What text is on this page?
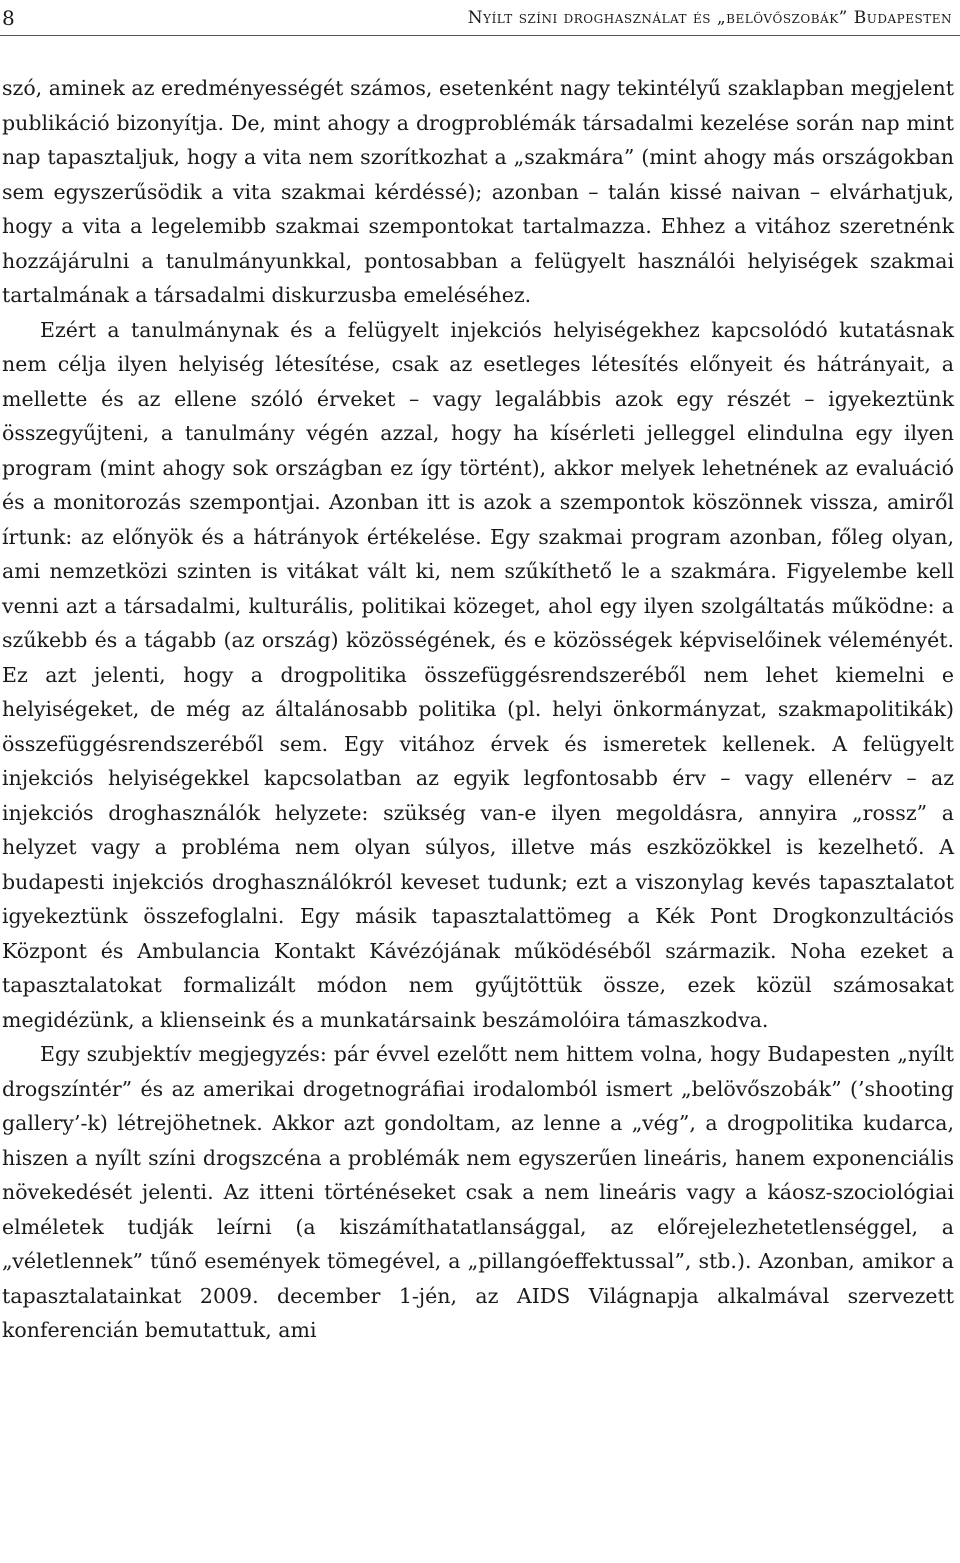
8	Nyílt színi droghasználat és „belövőszobák” Budapesten

szó, aminek az eredményességét számos, esetenként nagy tekintélyű szaklapban megjelent publikáció bizonyítja. De, mint ahogy a drogproblémák társadalmi kezelése során nap mint nap tapasztaljuk, hogy a vita nem szorítkozhat a „szakmára” (mint ahogy más országokban sem egyszerűsödik a vita szakmai kérdéssé); azonban – talán kissé naivan – elvárhatjuk, hogy a vita a legelemibb szakmai szempontokat tartalmazza. Ehhez a vitához szeretnénk hozzájárulni a tanulmányunkkal, pontosabban a felügyelt használói helyiségek szakmai tartalmának a társadalmi diskurzusba emeléséhez.

Ezért a tanulmánynak és a felügyelt injekciós helyiségekhez kapcsolódó kutatásnak nem célja ilyen helyiség létesítése, csak az esetleges létesítés előnyeit és hátrányait, a mellette és az ellene szóló érveket – vagy legalábbis azok egy részét – igyekeztünk összegyűjteni, a tanulmány végén azzal, hogy ha kísérleti jelleggel elindulna egy ilyen program (mint ahogy sok országban ez így történt), akkor melyek lehetnének az evaluáció és a monitorozás szempontjai. Azonban itt is azok a szempontok köszönnek vissza, amiről írtunk: az előnyök és a hátrányok értékelése. Egy szakmai program azonban, főleg olyan, ami nemzetközi szinten is vitákat vált ki, nem szűkíthető le a szakmára. Figyelembe kell venni azt a társadalmi, kulturális, politikai közeget, ahol egy ilyen szolgáltatás működne: a szűkebb és a tágabb (az ország) közösségének, és e közösségek képviselőinek véleményét. Ez azt jelenti, hogy a drogpolitika összefüggésrendszeréből nem lehet kiemelni e helyiségeket, de még az általánosabb politika (pl. helyi önkormányzat, szakmapolitikák) összefüggésrendszeréből sem. Egy vitához érvek és ismeretek kellenek. A felügyelt injekciós helyiségekkel kapcsolatban az egyik legfontosabb érv – vagy ellenérv – az injekciós droghasználók helyzete: szükség van-e ilyen megoldásra, annyira „rossz” a helyzet vagy a probléma nem olyan súlyos, illetve más eszközökkel is kezelhető. A budapesti injekciós droghasználókról keveset tudunk; ezt a viszonylag kevés tapasztalatot igyekeztünk összefoglalni. Egy másik tapasztalattömeg a Kék Pont Drogkonzultációs Központ és Ambulancia Kontakt Kávézójának működéséből származik. Noha ezeket a tapasztalatokat formalizált módon nem gyűjtöttük össze, ezek közül számosakat megidézünk, a klienseink és a munkatársaink beszámolóira támaszkodva.

Egy szubjektív megjegyzés: pár évvel ezelőtt nem hittem volna, hogy Budapesten „nyílt drogszíntér” és az amerikai drogetnográfiai irodalomból ismert „belövőszobák” (’shooting gallery’-k) létrejöhetnek. Akkor azt gondoltam, az lenne a „vég”, a drogpolitika kudarca, hiszen a nyílt színi drogszcéna a problémák nem egyszerűen lineáris, hanem exponenciális növekedését jelenti. Az itteni történéseket csak a nem lineáris vagy a káosz-szociológiai elméletek tudják leírni (a kiszámíthatatlansággal, az előrejelezhetetlenséggel, a „véletlennek” tűnő események tömegével, a „pillangóeffektussal”, stb.). Azonban, amikor a tapasztalatainkat 2009. december 1-jén, az AIDS Világnapja alkalmával szervezett konferencián bemutattuk, ami
